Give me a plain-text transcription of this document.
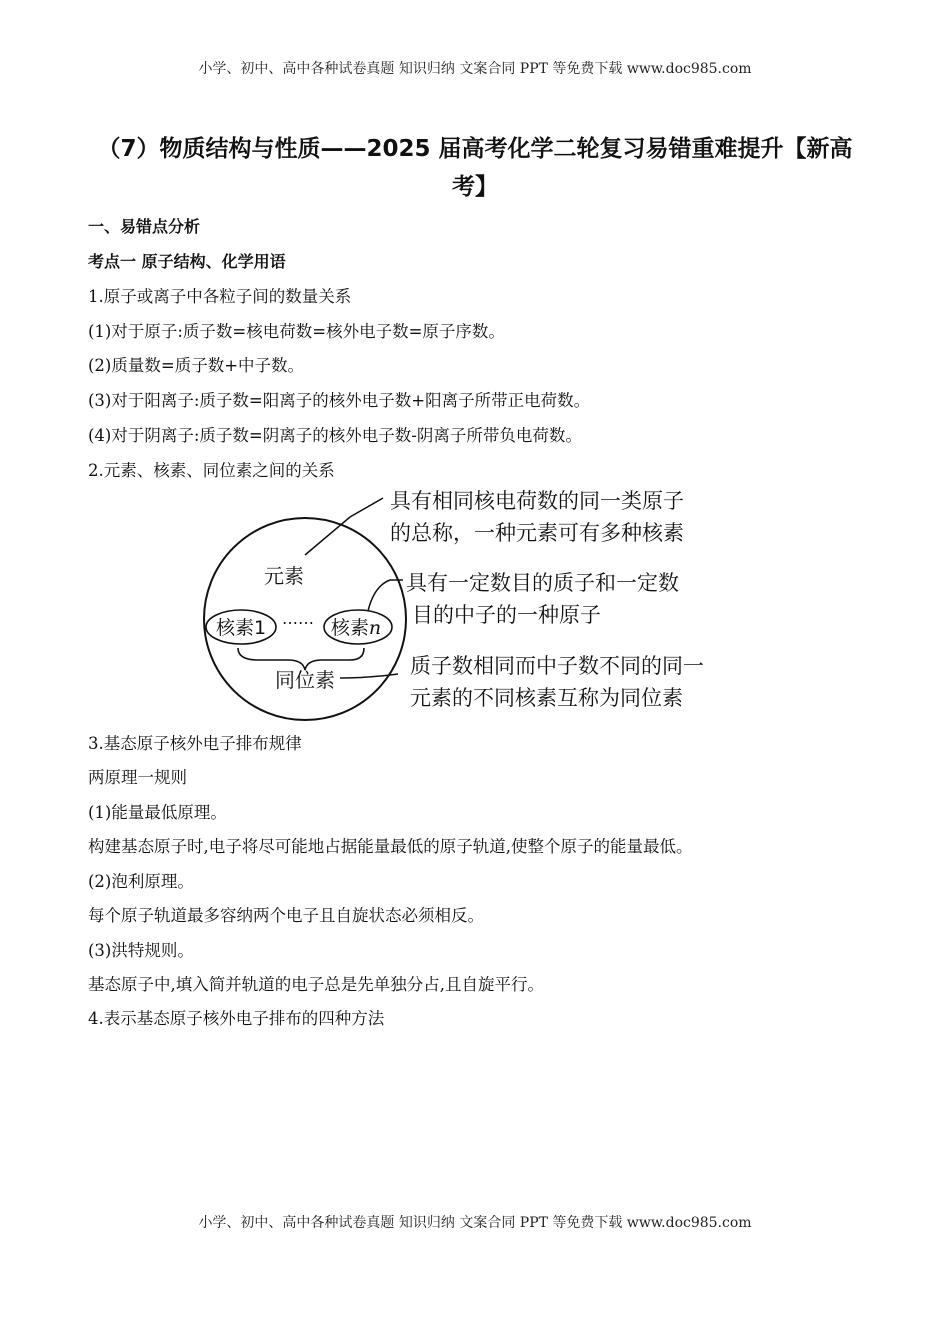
小学、初中、高中各种试卷真题 知识归纳 文案合同 PPT 等免费下载 www.doc985.com
（7）物质结构与性质——2025 届高考化学二轮复习易错重难提升【新高
考】
一、易错点分析
考点一 原子结构、化学用语
1.原子或离子中各粒子间的数量关系
(1)对于原子:质子数=核电荷数=核外电子数=原子序数。
(2)质量数=质子数+中子数。
(3)对于阳离子:质子数=阳离子的核外电子数+阳离子所带正电荷数。
(4)对于阴离子:质子数=阴离子的核外电子数-阴离子所带负电荷数。
2.元素、核素、同位素之间的关系
元素
核素1 …… 核素n
同位素
具有相同核电荷数的同一类原子
的总称，一种元素可有多种核素
具有一定数目的质子和一定数
目的中子的一种原子
质子数相同而中子数不同的同一
元素的不同核素互称为同位素
3.基态原子核外电子排布规律
两原理一规则
(1)能量最低原理。
构建基态原子时,电子将尽可能地占据能量最低的原子轨道,使整个原子的能量最低。
(2)泡利原理。
每个原子轨道最多容纳两个电子且自旋状态必须相反。
(3)洪特规则。
基态原子中,填入简并轨道的电子总是先单独分占,且自旋平行。
4.表示基态原子核外电子排布的四种方法
小学、初中、高中各种试卷真题 知识归纳 文案合同 PPT 等免费下载 www.doc985.com
